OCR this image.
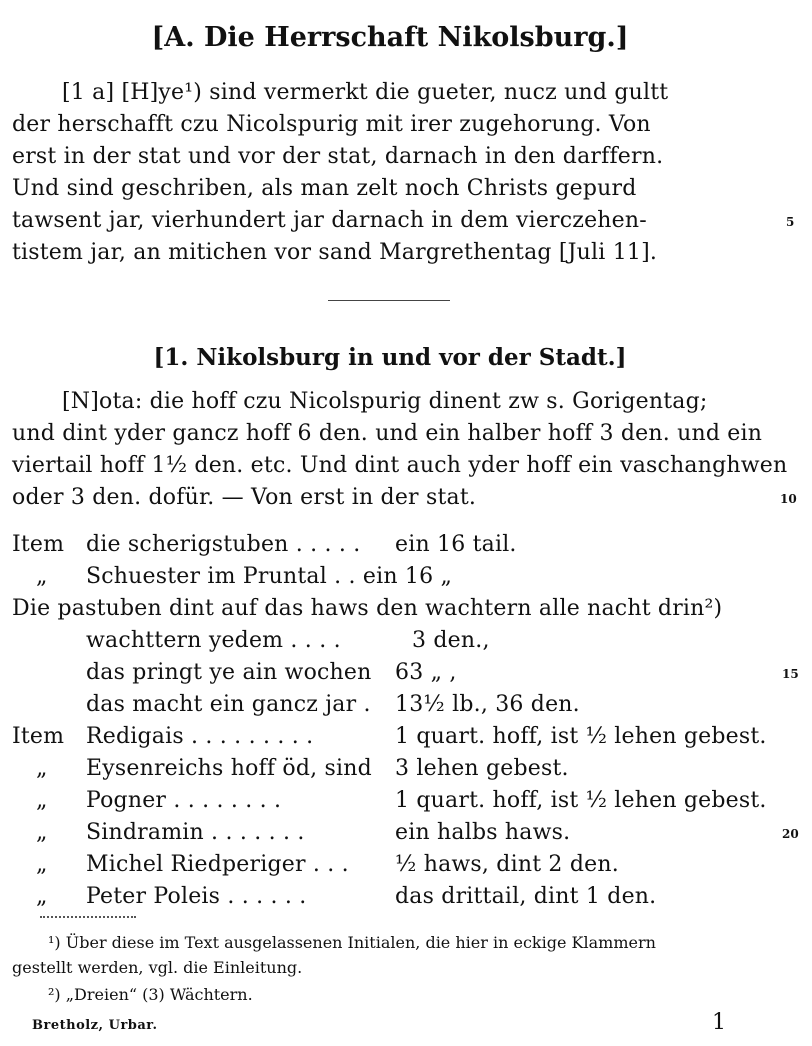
[A. Die Herrschaft Nikolsburg.]
[1 a] [H]ye¹) sind vermerkt die gueter, nucz und gultt
der herschafft czu Nicolspurig mit irer zugehorung. Von
erst in der stat und vor der stat, darnach in den darffern.
Und sind geschriben, als man zelt noch Christs gepurd
tawsent jar, vierhundert jar darnach in dem vierczehen-	5
tistem jar, an mitichen vor sand Margrethentag [Juli 11].
[1. Nikolsburg in und vor der Stadt.]
[N]ota: die hoff czu Nicolspurig dinent zw s. Gorigentag;
und dint yder gancz hoff 6 den. und ein halber hoff 3 den. und ein
viertail hoff 1½ den. etc. Und dint auch yder hoff ein vaschanghwen
oder 3 den. dofür. — Von erst in der stat.	10
Item die scherigstuben . . . . . ein 16 tail.
„ Schuester im Pruntal . . ein 16 „
Die pastuben dint auf das haws den wachtern alle nacht drin²)
wachttern yedem . . . .	3 den.,
das pringt ye ain wochen 63 „ ,	15
das macht ein gancz jar . 13½ lb., 36 den.
Item Redigais . . . . . . . . .	1 quart. hoff, ist ½ lehen gebest.
„ Eysenreichs hoff öd, sind 3 lehen gebest.
„ Pogner . . . . . . . .	1 quart. hoff, ist ½ lehen gebest.
„ Sindramin . . . . . . .	ein halbs haws.	20
„ Michel Riedperiger . . . ½ haws, dint 2 den.
„ Peter Poleis . . . . . .	das drittail, dint 1 den.
¹) Über diese im Text ausgelassenen Initialen, die hier in eckige Klammern
gestellt werden, vgl. die Einleitung.
²) „Dreien“ (3) Wächtern.
Bretholz, Urbar.	1
